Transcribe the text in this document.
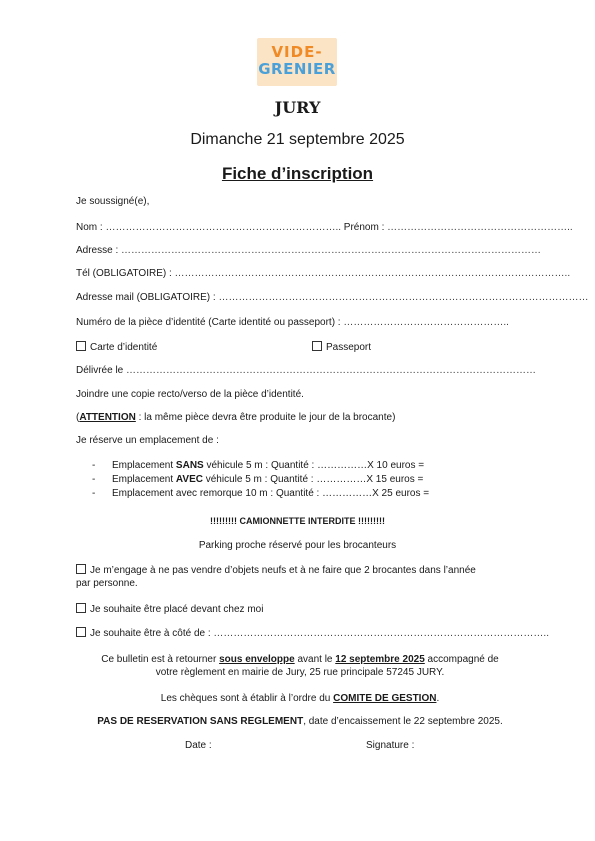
VIDE-
GRENIER
JURY
Dimanche 21 septembre 2025
Fiche d’inscription
Je soussigné(e),
Nom : …………………………………………………………….. Prénom : ………………………………………………..
Adresse : ………………………………………………………………………………………………………………
Tél (OBLIGATOIRE) : ………………………………………………………………………………………………………..
Adresse mail (OBLIGATOIRE) : …………………………………………………………………………………………………
Numéro de la pièce d’identité (Carte identité ou passeport) : …………………………………………..
Carte d’identité	Passeport
Délivrée le ……………………………………………………………………………………………………………
Joindre une copie recto/verso de la pièce d’identité.
(ATTENTION : la même pièce devra être produite le jour de la brocante)
Je réserve un emplacement de :
- Emplacement SANS véhicule 5 m : Quantité : ……………X 10 euros =
- Emplacement AVEC véhicule 5 m : Quantité : ……………X 15 euros =
- Emplacement avec remorque 10 m : Quantité : ……………X 25 euros =
!!!!!!!!! CAMIONNETTE INTERDITE !!!!!!!!!
Parking proche réservé pour les brocanteurs
Je m’engage à ne pas vendre d’objets neufs et à ne faire que 2 brocantes dans l’année
par personne.
Je souhaite être placé devant chez moi
Je souhaite être à côté de : ………………………………………………………………………………………..
Ce bulletin est à retourner sous enveloppe avant le 12 septembre 2025 accompagné de
votre règlement en mairie de Jury, 25 rue principale 57245 JURY.
Les chèques sont à établir à l’ordre du COMITE DE GESTION.
PAS DE RESERVATION SANS REGLEMENT, date d’encaissement le 22 septembre 2025.
Date :	Signature :
